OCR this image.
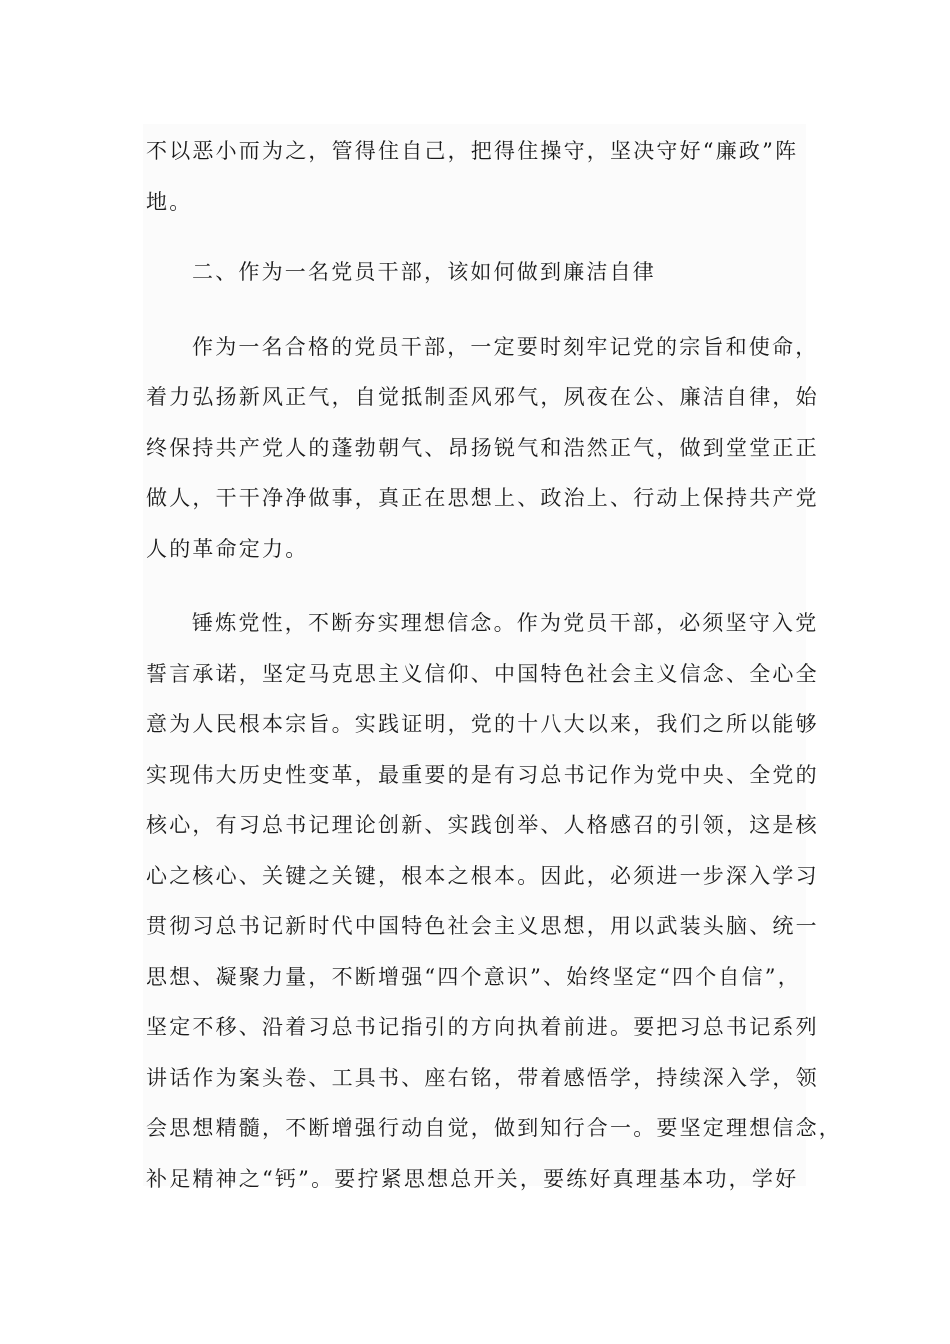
不以恶小而为之，管得住自己，把得住操守，坚决守好“廉政”阵
地。

二、作为一名党员干部，该如何做到廉洁自律

作为一名合格的党员干部，一定要时刻牢记党的宗旨和使命，
着力弘扬新风正气，自觉抵制歪风邪气，夙夜在公、廉洁自律，始
终保持共产党人的蓬勃朝气、昂扬锐气和浩然正气，做到堂堂正正
做人，干干净净做事，真正在思想上、政治上、行动上保持共产党
人的革命定力。

锤炼党性，不断夯实理想信念。作为党员干部，必须坚守入党
誓言承诺，坚定马克思主义信仰、中国特色社会主义信念、全心全
意为人民根本宗旨。实践证明，党的十八大以来，我们之所以能够
实现伟大历史性变革，最重要的是有习总书记作为党中央、全党的
核心，有习总书记理论创新、实践创举、人格感召的引领，这是核
心之核心、关键之关键，根本之根本。因此，必须进一步深入学习
贯彻习总书记新时代中国特色社会主义思想，用以武装头脑、统一
思想、凝聚力量，不断增强“四个意识”、始终坚定“四个自信”，
坚定不移、沿着习总书记指引的方向执着前进。要把习总书记系列
讲话作为案头卷、工具书、座右铭，带着感悟学，持续深入学，领
会思想精髓，不断增强行动自觉，做到知行合一。要坚定理想信念，
补足精神之“钙”。要拧紧思想总开关，要练好真理基本功，学好
